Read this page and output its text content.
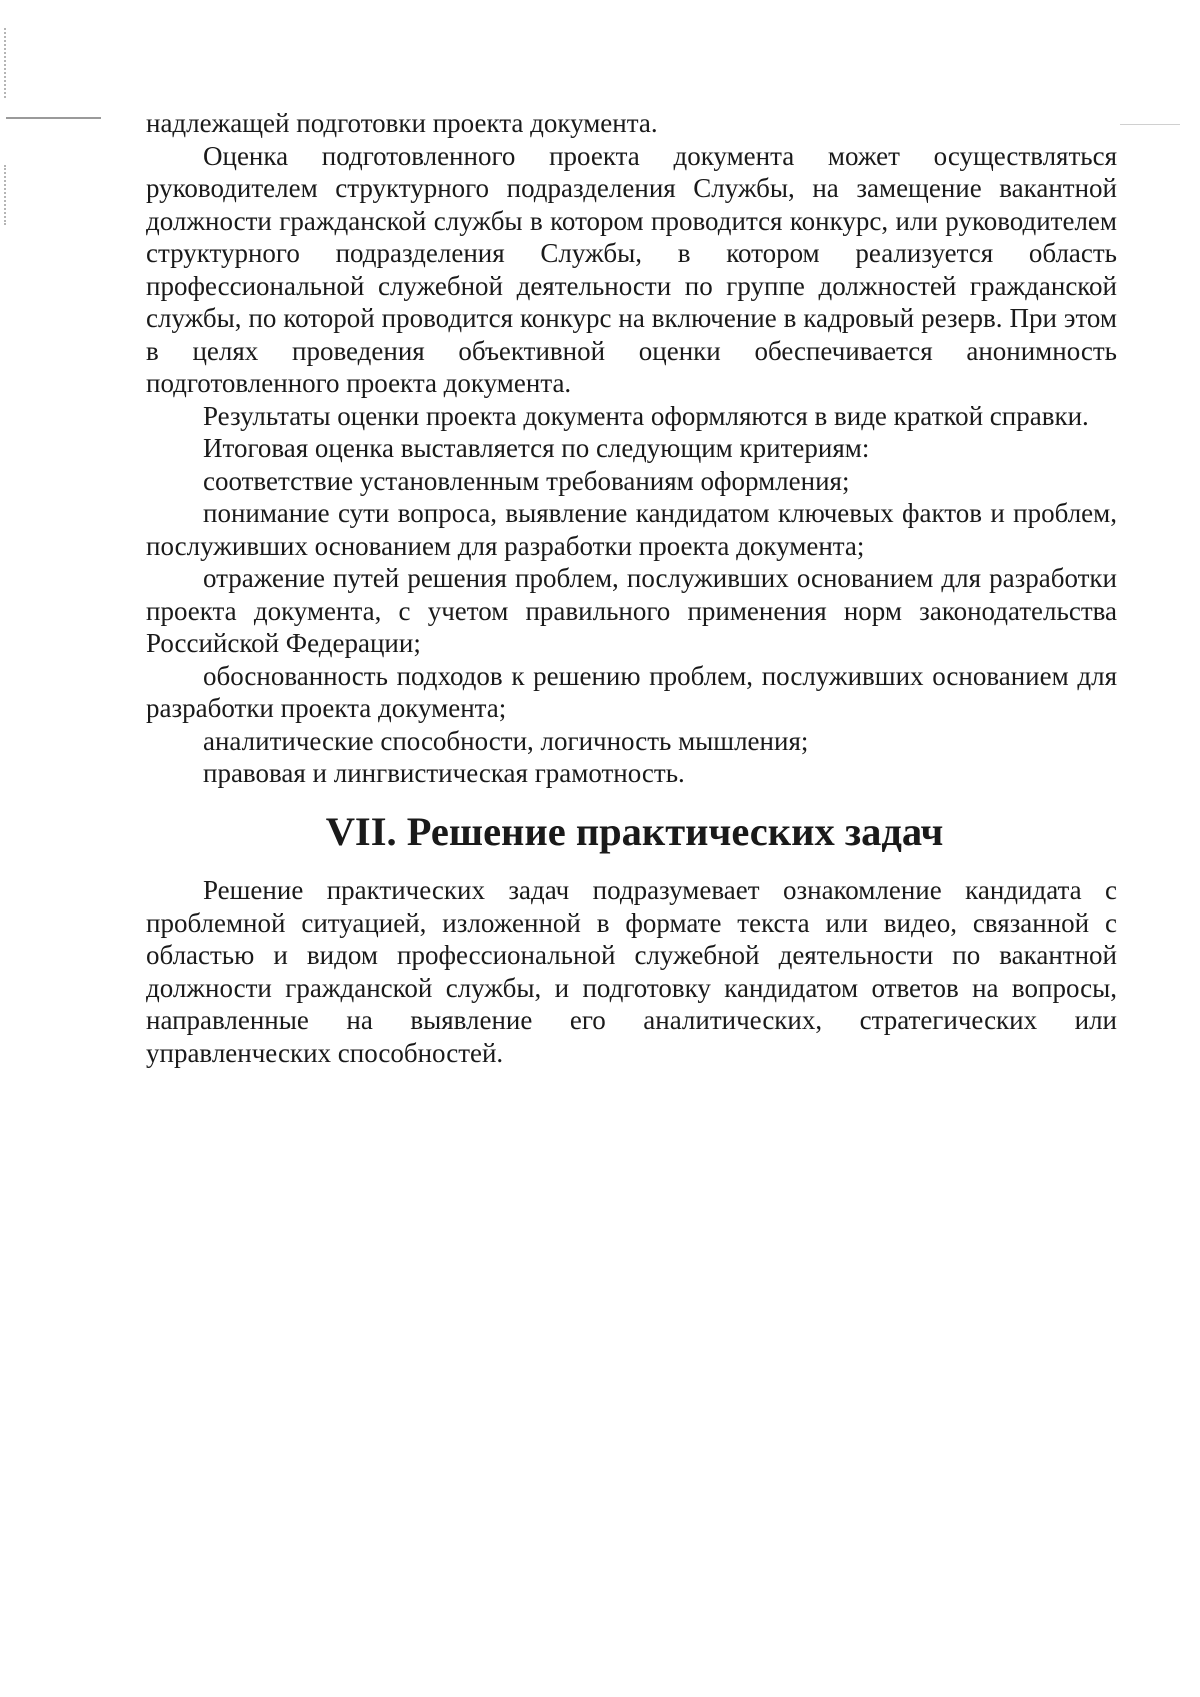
надлежащей подготовки проекта документа.

Оценка подготовленного проекта документа может осуществляться руководителем структурного подразделения Службы, на замещение вакантной должности гражданской службы в котором проводится конкурс, или руководителем структурного подразделения Службы, в котором реализуется область профессиональной служебной деятельности по группе должностей гражданской службы, по которой проводится конкурс на включение в кадровый резерв. При этом в целях проведения объективной оценки обеспечивается анонимность подготовленного проекта документа.

Результаты оценки проекта документа оформляются в виде краткой справки.

Итоговая оценка выставляется по следующим критериям:

соответствие установленным требованиям оформления;

понимание сути вопроса, выявление кандидатом ключевых фактов и проблем, послуживших основанием для разработки проекта документа;

отражение путей решения проблем, послуживших основанием для разработки проекта документа, с учетом правильного применения норм законодательства Российской Федерации;

обоснованность подходов к решению проблем, послуживших основанием для разработки проекта документа;

аналитические способности, логичность мышления;

правовая и лингвистическая грамотность.

VII. Решение практических задач

Решение практических задач подразумевает ознакомление кандидата с проблемной ситуацией, изложенной в формате текста или видео, связанной с областью и видом профессиональной служебной деятельности по вакантной должности гражданской службы, и подготовку кандидатом ответов на вопросы, направленные на выявление его аналитических, стратегических или управленческих способностей.
